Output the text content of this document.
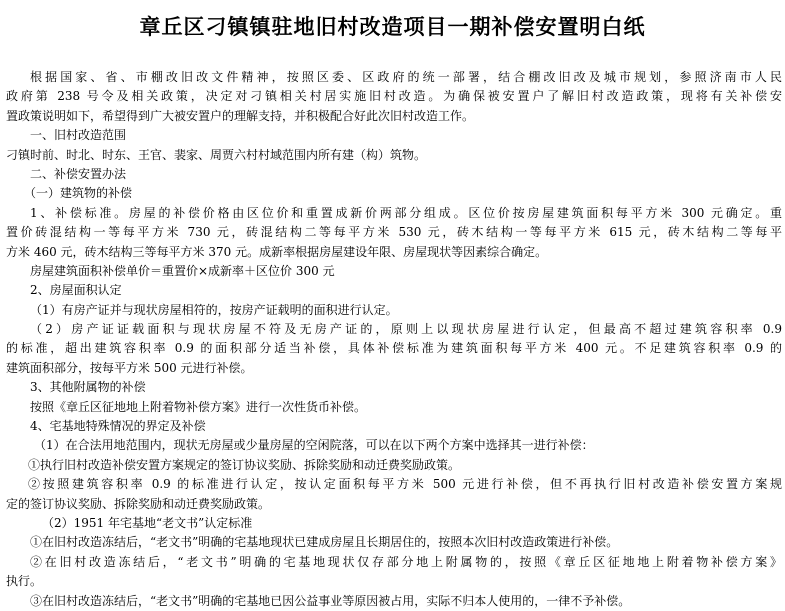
章丘区刁镇镇驻地旧村改造项目一期补偿安置明白纸
根据国家、省、市棚改旧改文件精神，按照区委、区政府的统一部署，结合棚改旧改及城市规划，参照济南市人民
政府第 238 号令及相关政策，决定对刁镇相关村居实施旧村改造。为确保被安置户了解旧村改造政策，现将有关补偿安
置政策说明如下，希望得到广大被安置户的理解支持，并积极配合好此次旧村改造工作。
一、旧村改造范围
刁镇时前、时北、时东、王官、裴家、周贾六村村域范围内所有建（构）筑物。
二、补偿安置办法
（一）建筑物的补偿
1、补偿标准。房屋的补偿价格由区位价和重置成新价两部分组成。区位价按房屋建筑面积每平方米 300 元确定。重
置价砖混结构一等每平方米 730 元，砖混结构二等每平方米 530 元，砖木结构一等每平方米 615 元，砖木结构二等每平
方米 460 元，砖木结构三等每平方米 370 元。成新率根据房屋建设年限、房屋现状等因素综合确定。
房屋建筑面积补偿单价＝重置价×成新率＋区位价 300 元
2、房屋面积认定
（1）有房产证并与现状房屋相符的，按房产证载明的面积进行认定。
（2）房产证证载面积与现状房屋不符及无房产证的，原则上以现状房屋进行认定，但最高不超过建筑容积率 0.9
的标准，超出建筑容积率 0.9 的面积部分适当补偿，具体补偿标准为建筑面积每平方米 400 元。不足建筑容积率 0.9 的
建筑面积部分，按每平方米 500 元进行补偿。
3、其他附属物的补偿
按照《章丘区征地地上附着物补偿方案》进行一次性货币补偿。
4、宅基地特殊情况的界定及补偿
（1）在合法用地范围内，现状无房屋或少量房屋的空闲院落，可以在以下两个方案中选择其一进行补偿：
①执行旧村改造补偿安置方案规定的签订协议奖励、拆除奖励和动迁费奖励政策。
②按照建筑容积率 0.9 的标准进行认定，按认定面积每平方米 500 元进行补偿，但不再执行旧村改造补偿安置方案规
定的签订协议奖励、拆除奖励和动迁费奖励政策。
（2）1951 年宅基地“老文书”认定标准
①在旧村改造冻结后，“老文书”明确的宅基地现状已建成房屋且长期居住的，按照本次旧村改造政策进行补偿。
②在旧村改造冻结后，“老文书”明确的宅基地现状仅存部分地上附属物的，按照《章丘区征地地上附着物补偿方案》
执行。
③在旧村改造冻结后，“老文书”明确的宅基地已因公益事业等原因被占用，实际不归本人使用的，一律不予补偿。
